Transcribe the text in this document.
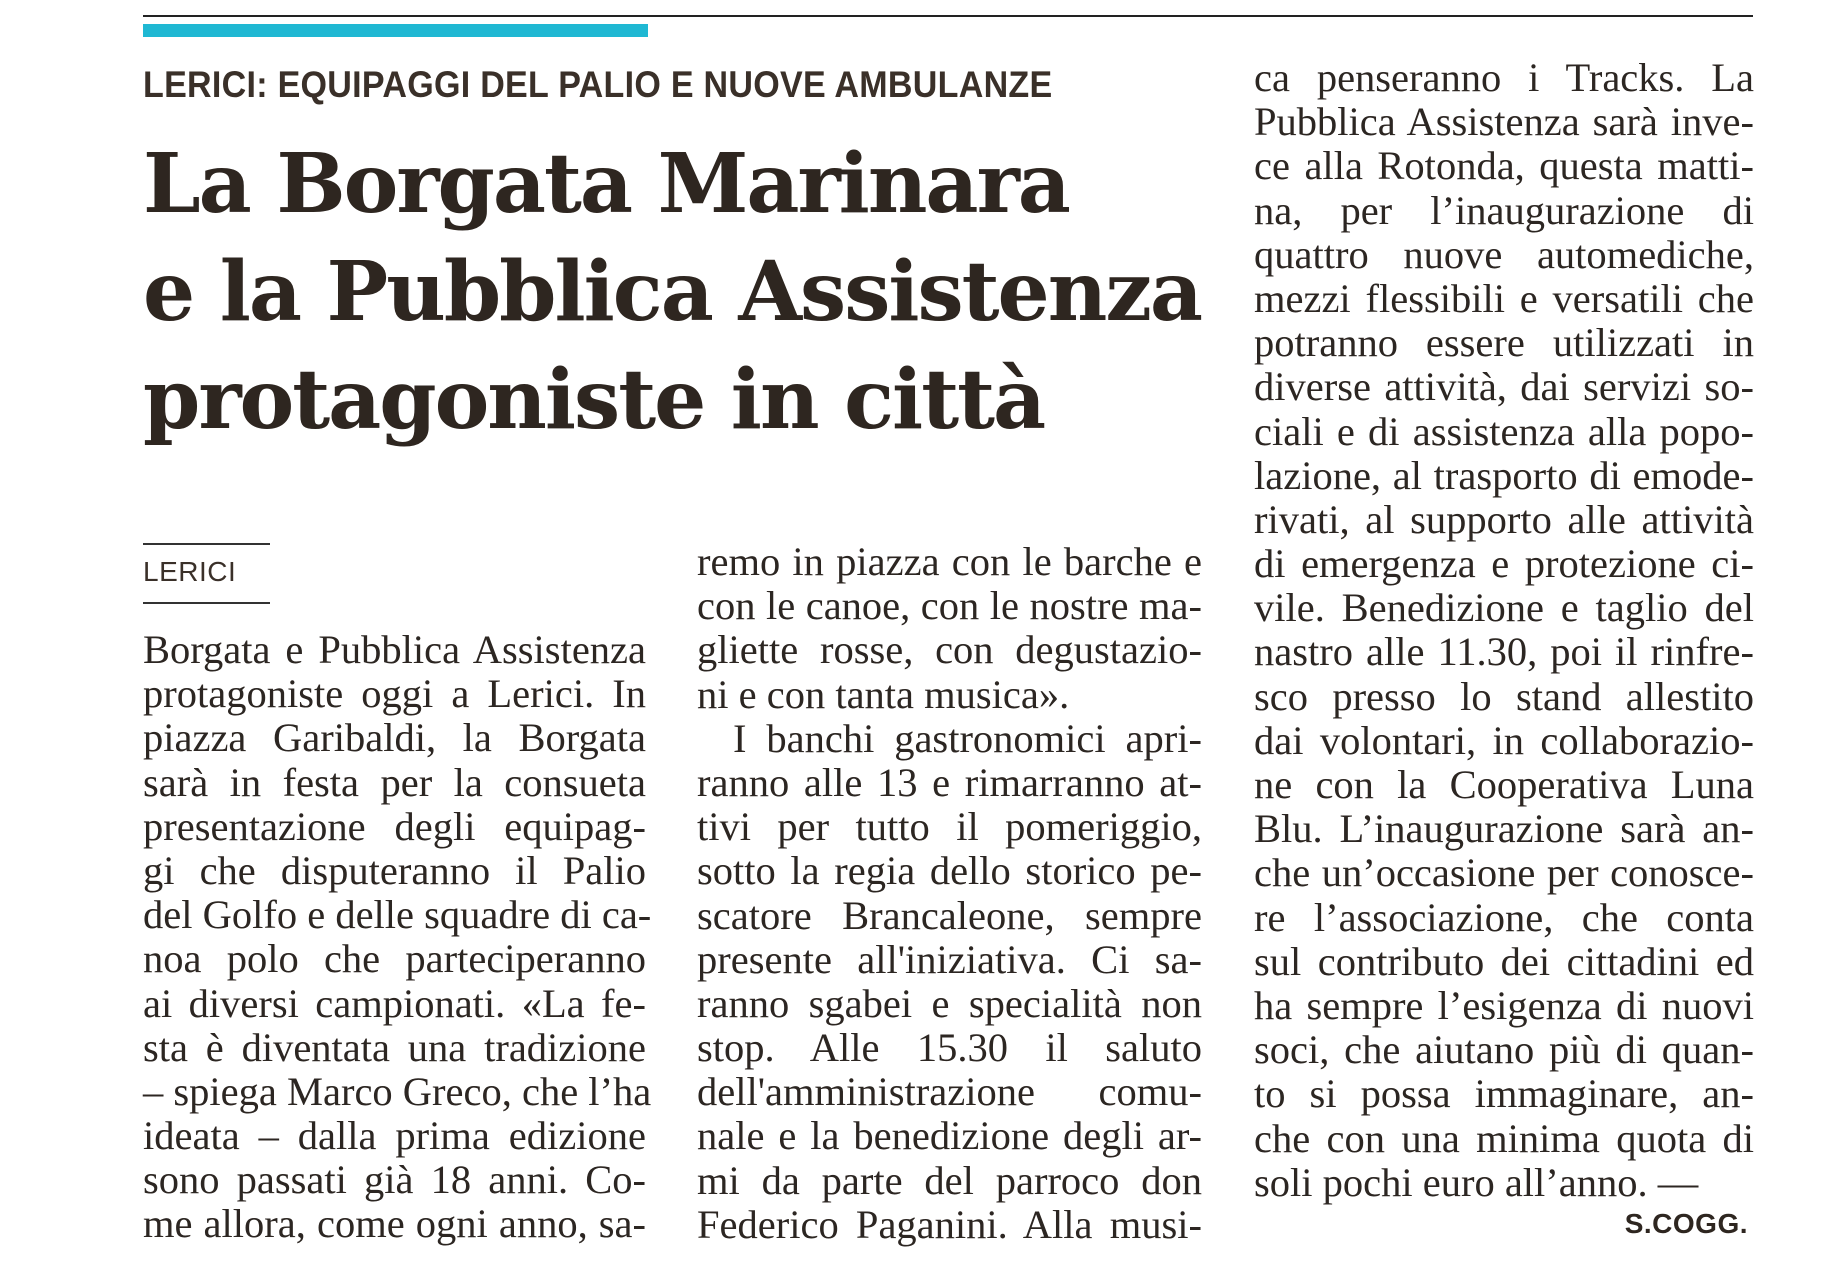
LERICI: EQUIPAGGI DEL PALIO E NUOVE AMBULANZE
La Borgata Marinara
e la Pubblica Assistenza
protagoniste in città
LERICI
Borgata e Pubblica Assistenza
protagoniste oggi a Lerici. In
piazza Garibaldi, la Borgata
sarà in festa per la consueta
presentazione degli equipag-
gi che disputeranno il Palio
del Golfo e delle squadre di ca-
noa polo che parteciperanno
ai diversi campionati. «La fe-
sta è diventata una tradizione
– spiega Marco Greco, che l’ha
ideata – dalla prima edizione
sono passati già 18 anni. Co-
me allora, come ogni anno, sa-
remo in piazza con le barche e
con le canoe, con le nostre ma-
gliette rosse, con degustazio-
ni e con tanta musica».
I banchi gastronomici apri-
ranno alle 13 e rimarranno at-
tivi per tutto il pomeriggio,
sotto la regia dello storico pe-
scatore Brancaleone, sempre
presente all'iniziativa. Ci sa-
ranno sgabei e specialità non
stop. Alle 15.30 il saluto
dell'amministrazione comu-
nale e la benedizione degli ar-
mi da parte del parroco don
Federico Paganini. Alla musi-
ca penseranno i Tracks. La
Pubblica Assistenza sarà inve-
ce alla Rotonda, questa matti-
na, per l’inaugurazione di
quattro nuove automediche,
mezzi flessibili e versatili che
potranno essere utilizzati in
diverse attività, dai servizi so-
ciali e di assistenza alla popo-
lazione, al trasporto di emode-
rivati, al supporto alle attività
di emergenza e protezione ci-
vile. Benedizione e taglio del
nastro alle 11.30, poi il rinfre-
sco presso lo stand allestito
dai volontari, in collaborazio-
ne con la Cooperativa Luna
Blu. L’inaugurazione sarà an-
che un’occasione per conosce-
re l’associazione, che conta
sul contributo dei cittadini ed
ha sempre l’esigenza di nuovi
soci, che aiutano più di quan-
to si possa immaginare, an-
che con una minima quota di
soli pochi euro all’anno. —
S.COGG.
